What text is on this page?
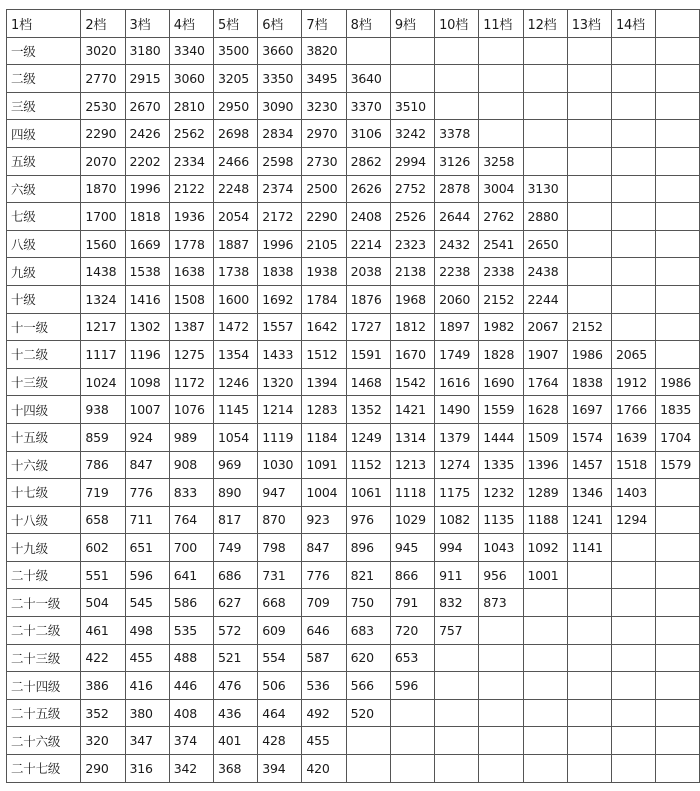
1档	2档	3档	4档	5档	6档	7档	8档	9档	10档	11档	12档	13档	14档	
一级	3020	3180	3340	3500	3660	3820								
二级	2770	2915	3060	3205	3350	3495	3640							
三级	2530	2670	2810	2950	3090	3230	3370	3510						
四级	2290	2426	2562	2698	2834	2970	3106	3242	3378					
五级	2070	2202	2334	2466	2598	2730	2862	2994	3126	3258				
六级	1870	1996	2122	2248	2374	2500	2626	2752	2878	3004	3130			
七级	1700	1818	1936	2054	2172	2290	2408	2526	2644	2762	2880			
八级	1560	1669	1778	1887	1996	2105	2214	2323	2432	2541	2650			
九级	1438	1538	1638	1738	1838	1938	2038	2138	2238	2338	2438			
十级	1324	1416	1508	1600	1692	1784	1876	1968	2060	2152	2244			
十一级	1217	1302	1387	1472	1557	1642	1727	1812	1897	1982	2067	2152		
十二级	1117	1196	1275	1354	1433	1512	1591	1670	1749	1828	1907	1986	2065	
十三级	1024	1098	1172	1246	1320	1394	1468	1542	1616	1690	1764	1838	1912	1986
十四级	938	1007	1076	1145	1214	1283	1352	1421	1490	1559	1628	1697	1766	1835
十五级	859	924	989	1054	1119	1184	1249	1314	1379	1444	1509	1574	1639	1704
十六级	786	847	908	969	1030	1091	1152	1213	1274	1335	1396	1457	1518	1579
十七级	719	776	833	890	947	1004	1061	1118	1175	1232	1289	1346	1403	
十八级	658	711	764	817	870	923	976	1029	1082	1135	1188	1241	1294	
十九级	602	651	700	749	798	847	896	945	994	1043	1092	1141		
二十级	551	596	641	686	731	776	821	866	911	956	1001			
二十一级	504	545	586	627	668	709	750	791	832	873				
二十二级	461	498	535	572	609	646	683	720	757					
二十三级	422	455	488	521	554	587	620	653						
二十四级	386	416	446	476	506	536	566	596						
二十五级	352	380	408	436	464	492	520							
二十六级	320	347	374	401	428	455								
二十七级	290	316	342	368	394	420								
